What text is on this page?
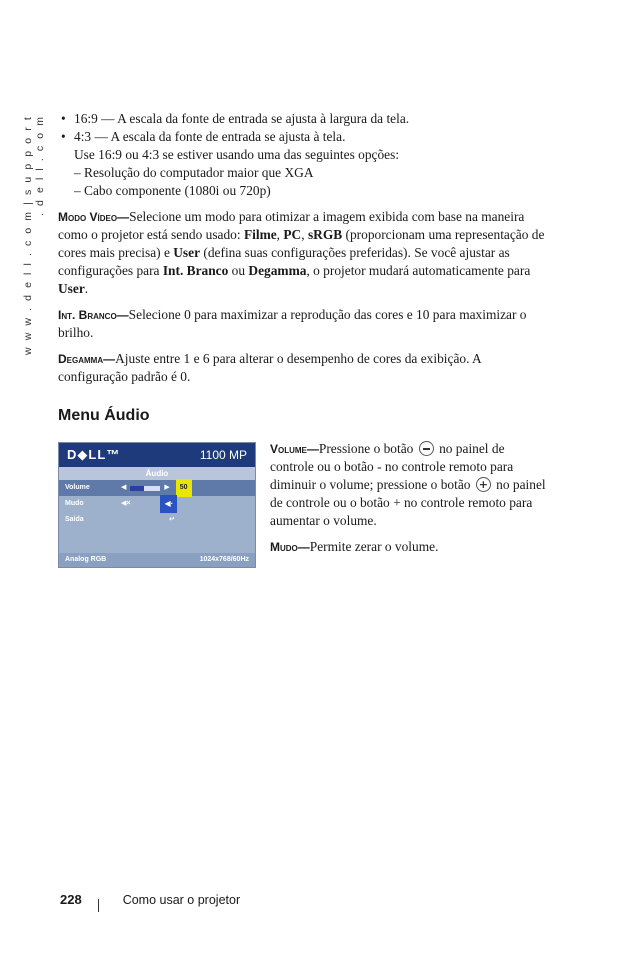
w w w . d e l l . c o m | s u p p o r t . d e l l . c o m
•	16:9 — A escala da fonte de entrada se ajusta à largura da tela.
• 4:3 — A escala da fonte de entrada se ajusta à tela.
Use 16:9 ou 4:3 se estiver usando uma das seguintes opções:
– Resolução do computador maior que XGA
– Cabo componente (1080i ou 720p)
Modo Vídeo—Selecione um modo para otimizar a imagem exibida com base na maneira como o projetor está sendo usado: Filme, PC, sRGB (proporcionam uma representação de cores mais precisa) e User (defina suas configurações preferidas). Se você ajustar as configurações para Int. Branco ou Degamma, o projetor mudará automaticamente para User.
Int. Branco—Selecione 0 para maximizar a reprodução das cores e 10 para maximizar o brilho.
Degamma—Ajuste entre 1 e 6 para alterar o desempenho de cores da exibição. A configuração padrão é 0.
Menu Áudio
D◆LL™	1100 MP
Áudio
Volume	◀	▶	50
Mudo	◀×	◀∙
Saída	↵
Analog RGB	1024x768/60Hz
Volume—Pressione o botão  no painel de controle ou o botão - no controle remoto para diminuir o volume; pressione o botão + no painel de controle ou o botão + no controle remoto para aumentar o volume.
Mudo—Permite zerar o volume.
228	Como usar o projetor
